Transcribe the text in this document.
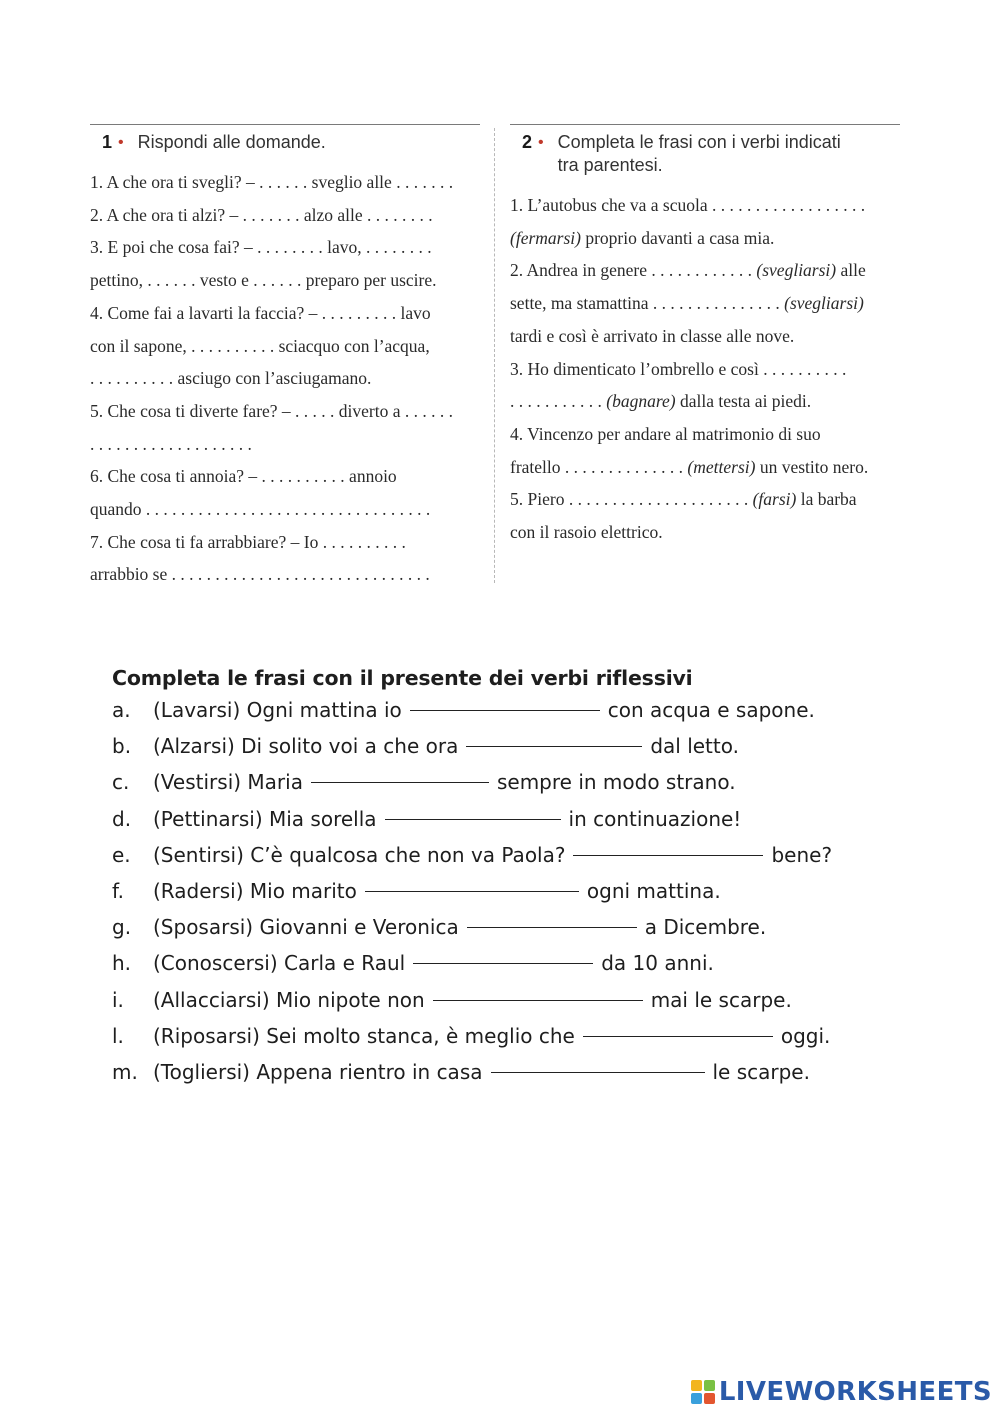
1 • Rispondi alle domande.
1. A che ora ti svegli? – . . . . . . sveglio alle . . . . . . .
2. A che ora ti alzi? – . . . . . . . alzo alle . . . . . . . .
3. E poi che cosa fai? – . . . . . . . . lavo, . . . . . . . .
pettino, . . . . . . vesto e . . . . . . preparo per uscire.
4. Come fai a lavarti la faccia? – . . . . . . . . . lavo
con il sapone, . . . . . . . . . . sciacquo con l’acqua,
. . . . . . . . . . asciugo con l’asciugamano.
5. Che cosa ti diverte fare? – . . . . . diverto a . . . . . .
. . . . . . . . . . . . . . . . . . .
6. Che cosa ti annoia? – . . . . . . . . . . annoio
quando . . . . . . . . . . . . . . . . . . . . . . . . . . . . . . . . .
7. Che cosa ti fa arrabbiare? – Io . . . . . . . . . .
arrabbio se . . . . . . . . . . . . . . . . . . . . . . . . . . . . . .
2 • Completa le frasi con i verbi indicati
tra parentesi.
1. L’autobus che va a scuola . . . . . . . . . . . . . . . . . .
(fermarsi) proprio davanti a casa mia.
2. Andrea in genere . . . . . . . . . . . . (svegliarsi) alle
sette, ma stamattina . . . . . . . . . . . . . . . (svegliarsi)
tardi e così è arrivato in classe alle nove.
3. Ho dimenticato l’ombrello e così . . . . . . . . . .
. . . . . . . . . . . (bagnare) dalla testa ai piedi.
4. Vincenzo per andare al matrimonio di suo
fratello . . . . . . . . . . . . . . (mettersi) un vestito nero.
5. Piero . . . . . . . . . . . . . . . . . . . . . (farsi) la barba
con il rasoio elettrico.
Completa le frasi con il presente dei verbi riflessivi
a.	(Lavarsi) Ogni mattina io	con acqua e sapone.
b.	(Alzarsi) Di solito voi a che ora	dal letto.
c.	(Vestirsi) Maria	sempre in modo strano.
d.	(Pettinarsi) Mia sorella	in continuazione!
e.	(Sentirsi) C’è qualcosa che non va Paola?	bene?
f.	(Radersi) Mio marito	ogni mattina.
g.	(Sposarsi) Giovanni e Veronica	a Dicembre.
h.	(Conoscersi) Carla e Raul	da 10 anni.
i.	(Allacciarsi) Mio nipote non	mai le scarpe.
l.	(Riposarsi) Sei molto stanca, è meglio che	oggi.
m. (Togliersi) Appena rientro in casa	le scarpe.
LIVEWORKSHEETS
